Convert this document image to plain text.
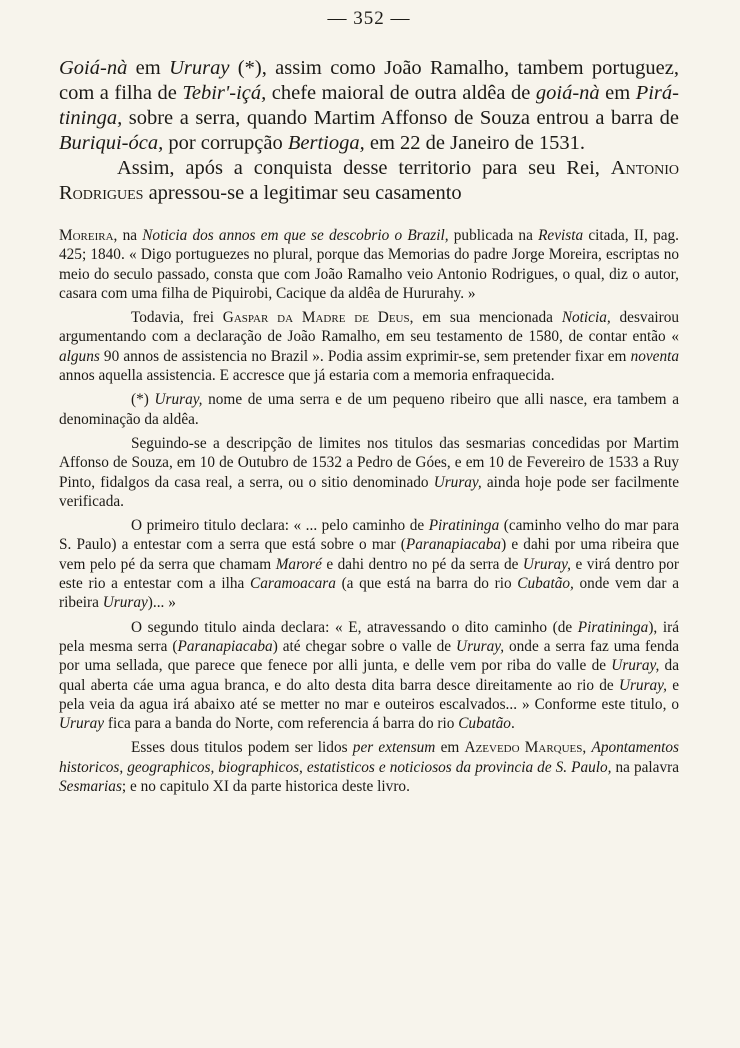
— 352 —

Goiá-nà em Ururay (*), assim como João Ramalho, tambem portuguez, com a filha de Tebir'-içá, chefe maioral de outra aldêa de goiá-nà em Pirá-tininga, sobre a serra, quando Martim Affonso de Souza entrou a barra de Buriqui-óca, por corrupção Bertioga, em 22 de Janeiro de 1531.

Assim, após a conquista desse territorio para seu Rei, Antonio Rodrigues apressou-se a legitimar seu casamento

Moreira, na Noticia dos annos em que se descobrio o Brazil, publicada na Revista citada, II, pag. 425; 1840. « Digo portuguezes no plural, porque das Memorias do padre Jorge Moreira, escriptas no meio do seculo passado, consta que com João Ramalho veio Antonio Rodrigues, o qual, diz o autor, casara com uma filha de Piquirobi, Cacique da aldêa de Hururahy. »

Todavia, frei Gaspar da Madre de Deus, em sua mencionada Noticia, desvairou argumentando com a declaração de João Ramalho, em seu testamento de 1580, de contar então « alguns 90 annos de assistencia no Brazil ». Podia assim exprimir-se, sem pretender fixar em noventa annos aquella assistencia. E accresce que já estaria com a memoria enfraquecida.

(*) Ururay, nome de uma serra e de um pequeno ribeiro que alli nasce, era tambem a denominação da aldêa.

Seguindo-se a descripção de limites nos titulos das sesmarias concedidas por Martim Affonso de Souza, em 10 de Outubro de 1532 a Pedro de Góes, e em 10 de Fevereiro de 1533 a Ruy Pinto, fidalgos da casa real, a serra, ou o sitio denominado Ururay, ainda hoje pode ser facilmente verificada.

O primeiro titulo declara: « ... pelo caminho de Piratininga (caminho velho do mar para S. Paulo) a entestar com a serra que está sobre o mar (Paranapiacaba) e dahi por uma ribeira que vem pelo pé da serra que chamam Maroré e dahi dentro no pé da serra de Ururay, e virá dentro por este rio a entestar com a ilha Caramoacara (a que está na barra do rio Cubatão, onde vem dar a ribeira Ururay)... »

O segundo titulo ainda declara: « E, atravessando o dito caminho (de Piratininga), irá pela mesma serra (Paranapiacaba) até chegar sobre o valle de Ururay, onde a serra faz uma fenda por uma sellada, que parece que fenece por alli junta, e delle vem por riba do valle de Ururay, da qual aberta cáe uma agua branca, e do alto desta dita barra desce direitamente ao rio de Ururay, e pela veia da agua irá abaixo até se metter no mar e outeiros escalvados... » Conforme este titulo, o Ururay fica para a banda do Norte, com referencia á barra do rio Cubatão.

Esses dous titulos podem ser lidos per extensum em Azevedo Marques, Apontamentos historicos, geographicos, biographicos, estatisticos e noticiosos da provincia de S. Paulo, na palavra Sesmarias; e no capitulo XI da parte historica deste livro.
